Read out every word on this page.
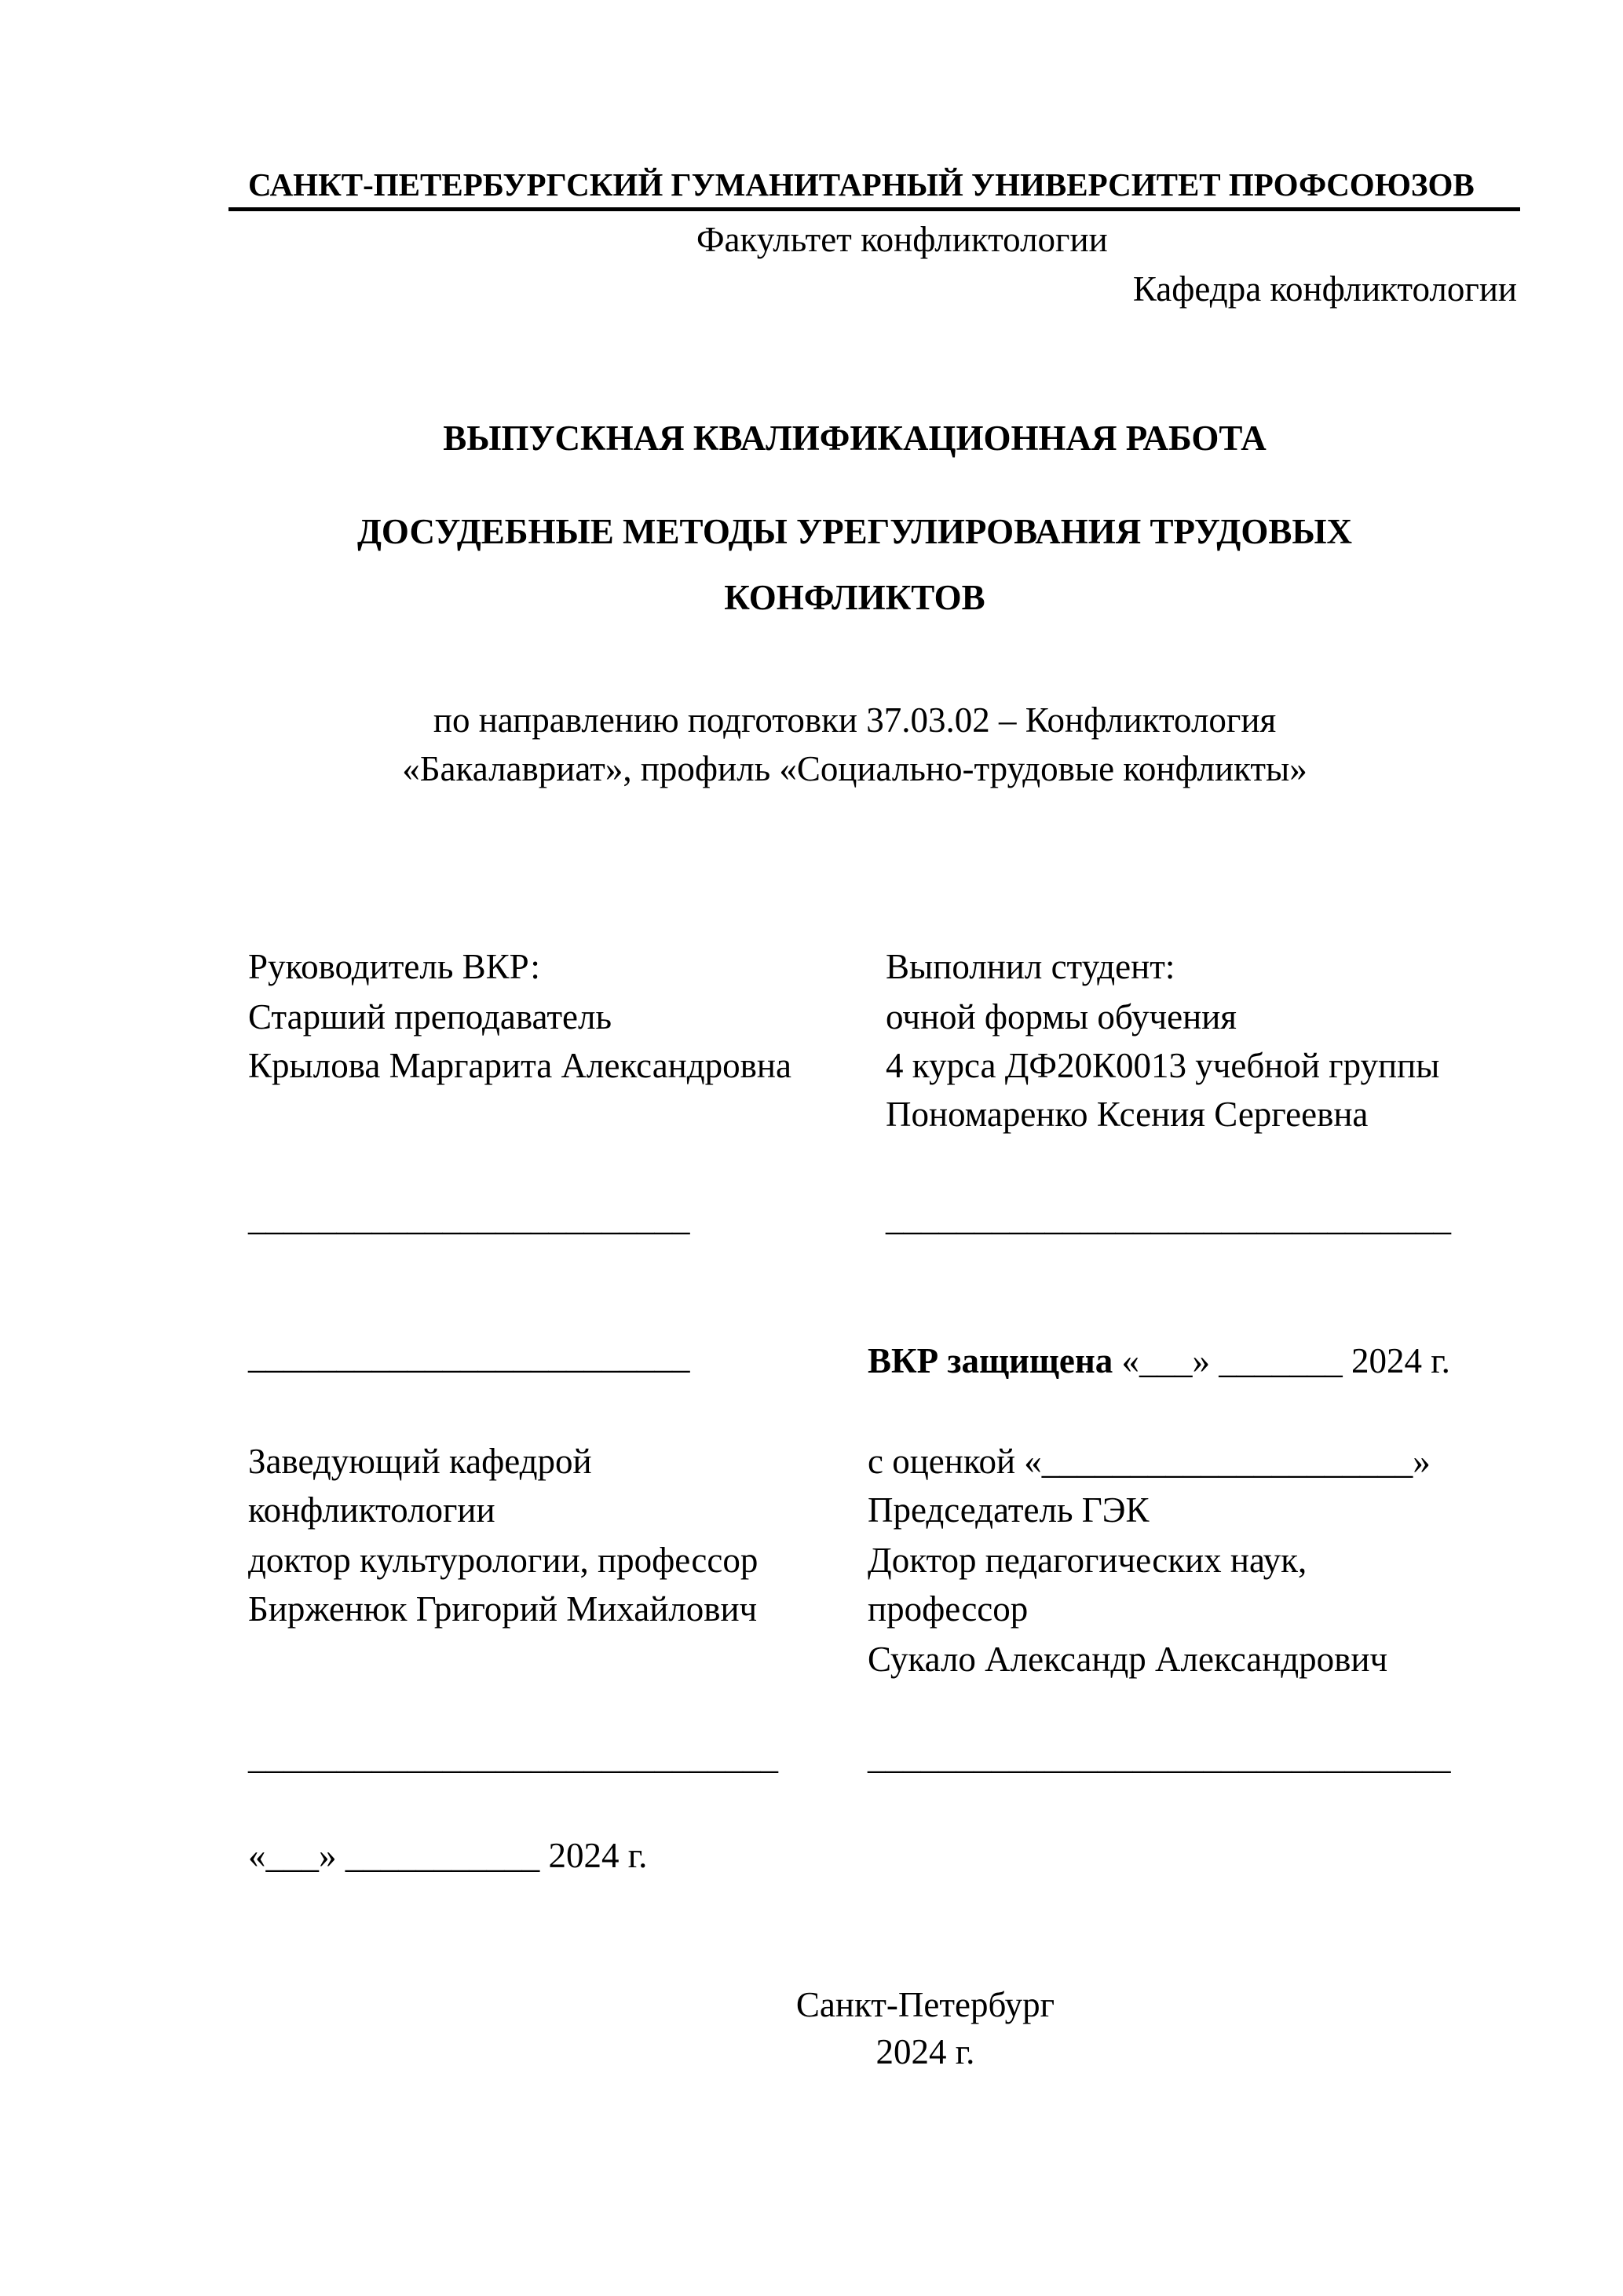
САНКТ-ПЕТЕРБУРГСКИЙ ГУМАНИТАРНЫЙ УНИВЕРСИТЕТ ПРОФСОЮЗОВ
Факультет конфликтологии
Кафедра конфликтологии
ВЫПУСКНАЯ КВАЛИФИКАЦИОННАЯ РАБОТА
ДОСУДЕБНЫЕ МЕТОДЫ УРЕГУЛИРОВАНИЯ ТРУДОВЫХ
КОНФЛИКТОВ
по направлению подготовки 37.03.02 – Конфликтология
«Бакалавриат», профиль «Социально-трудовые конфликты»
Руководитель ВКР:
Старший преподаватель
Крылова Маргарита Александровна
_________________________
Выполнил студент:
очной формы обучения
4 курса ДФ20К0013 учебной группы
Пономаренко Ксения Сергеевна
________________________________
_________________________	ВКР защищена «___» _______ 2024 г.
Заведующий кафедрой
конфликтологии
доктор культурологии, профессор
Бирженюк Григорий Михайлович
______________________________
«___» ___________ 2024 г.
с оценкой «_____________________»
Председатель ГЭК
Доктор педагогических наук,
профессор
Сукало Александр Александрович
_________________________________
Санкт-Петербург
2024 г.
